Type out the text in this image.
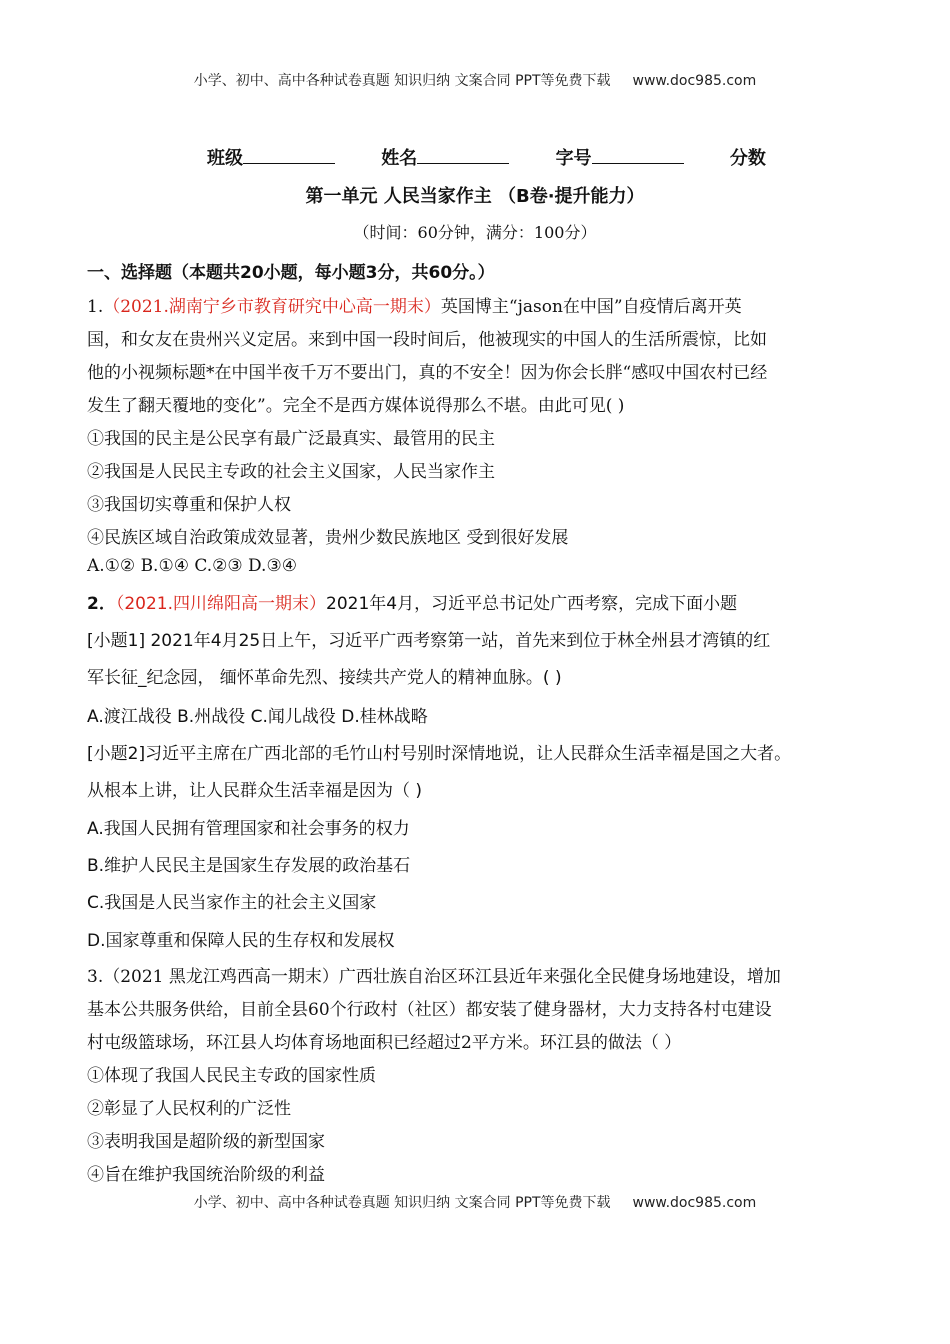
小学、初中、高中各种试卷真题 知识归纳 文案合同 PPT等免费下载 www.doc985.com
班级	姓名	字号	分数
第一单元 人民当家作主 （B卷·提升能力）
（时间：60分钟，满分：100分）
一、选择题（本题共20小题，每小题3分，共60分。）
1.（2021.湖南宁乡市教育研究中心高一期末）英国博主“jason在中国”自疫情后离开英
国，和女友在贵州兴义定居。来到中国一段时间后，他被现实的中国人的生活所震惊，比如
他的小视频标题*在中国半夜千万不要出门，真的不安全！因为你会长胖“感叹中国农村已经
发生了翻天覆地的变化”。完全不是西方媒体说得那么不堪。由此可见( )
①我国的民主是公民享有最广泛最真实、最管用的民主
②我国是人民民主专政的社会主义国家，人民当家作主
③我国切实尊重和保护人权
④民族区域自治政策成效显著，贵州少数民族地区 受到很好发展
A.①② B.①④ C.②③ D.③④
2．（2021.四川绵阳高一期末）2021年4月，习近平总书记处广西考察，完成下面小题
[小题1] 2021年4月25日上午，习近平广西考察第一站，首先来到位于林全州县才湾镇的红
军长征_纪念园， 缅怀革命先烈、接续共产党人的精神血脉。( )
A.渡江战役 B.州战役 C.闻儿战役 D.桂林战略
[小题2]习近平主席在广西北部的毛竹山村号别时深情地说，让人民群众生活幸福是国之大者。
从根本上讲，让人民群众生活幸福是因为（ )
A.我国人民拥有管理国家和社会事务的权力
B.维护人民民主是国家生存发展的政治基石
C.我国是人民当家作主的社会主义国家
D.国家尊重和保障人民的生存权和发展权
3.（2021 黑龙江鸡西高一期末）广西壮族自治区环江县近年来强化全民健身场地建设，增加
基本公共服务供给，目前全县60个行政村（社区）都安装了健身器材，大力支持各村屯建设
村屯级篮球场，环江县人均体育场地面积已经超过2平方米。环江县的做法（ ）
①体现了我国人民民主专政的国家性质
②彰显了人民权利的广泛性
③表明我国是超阶级的新型国家
④旨在维护我国统治阶级的利益
小学、初中、高中各种试卷真题 知识归纳 文案合同 PPT等免费下载 www.doc985.com
